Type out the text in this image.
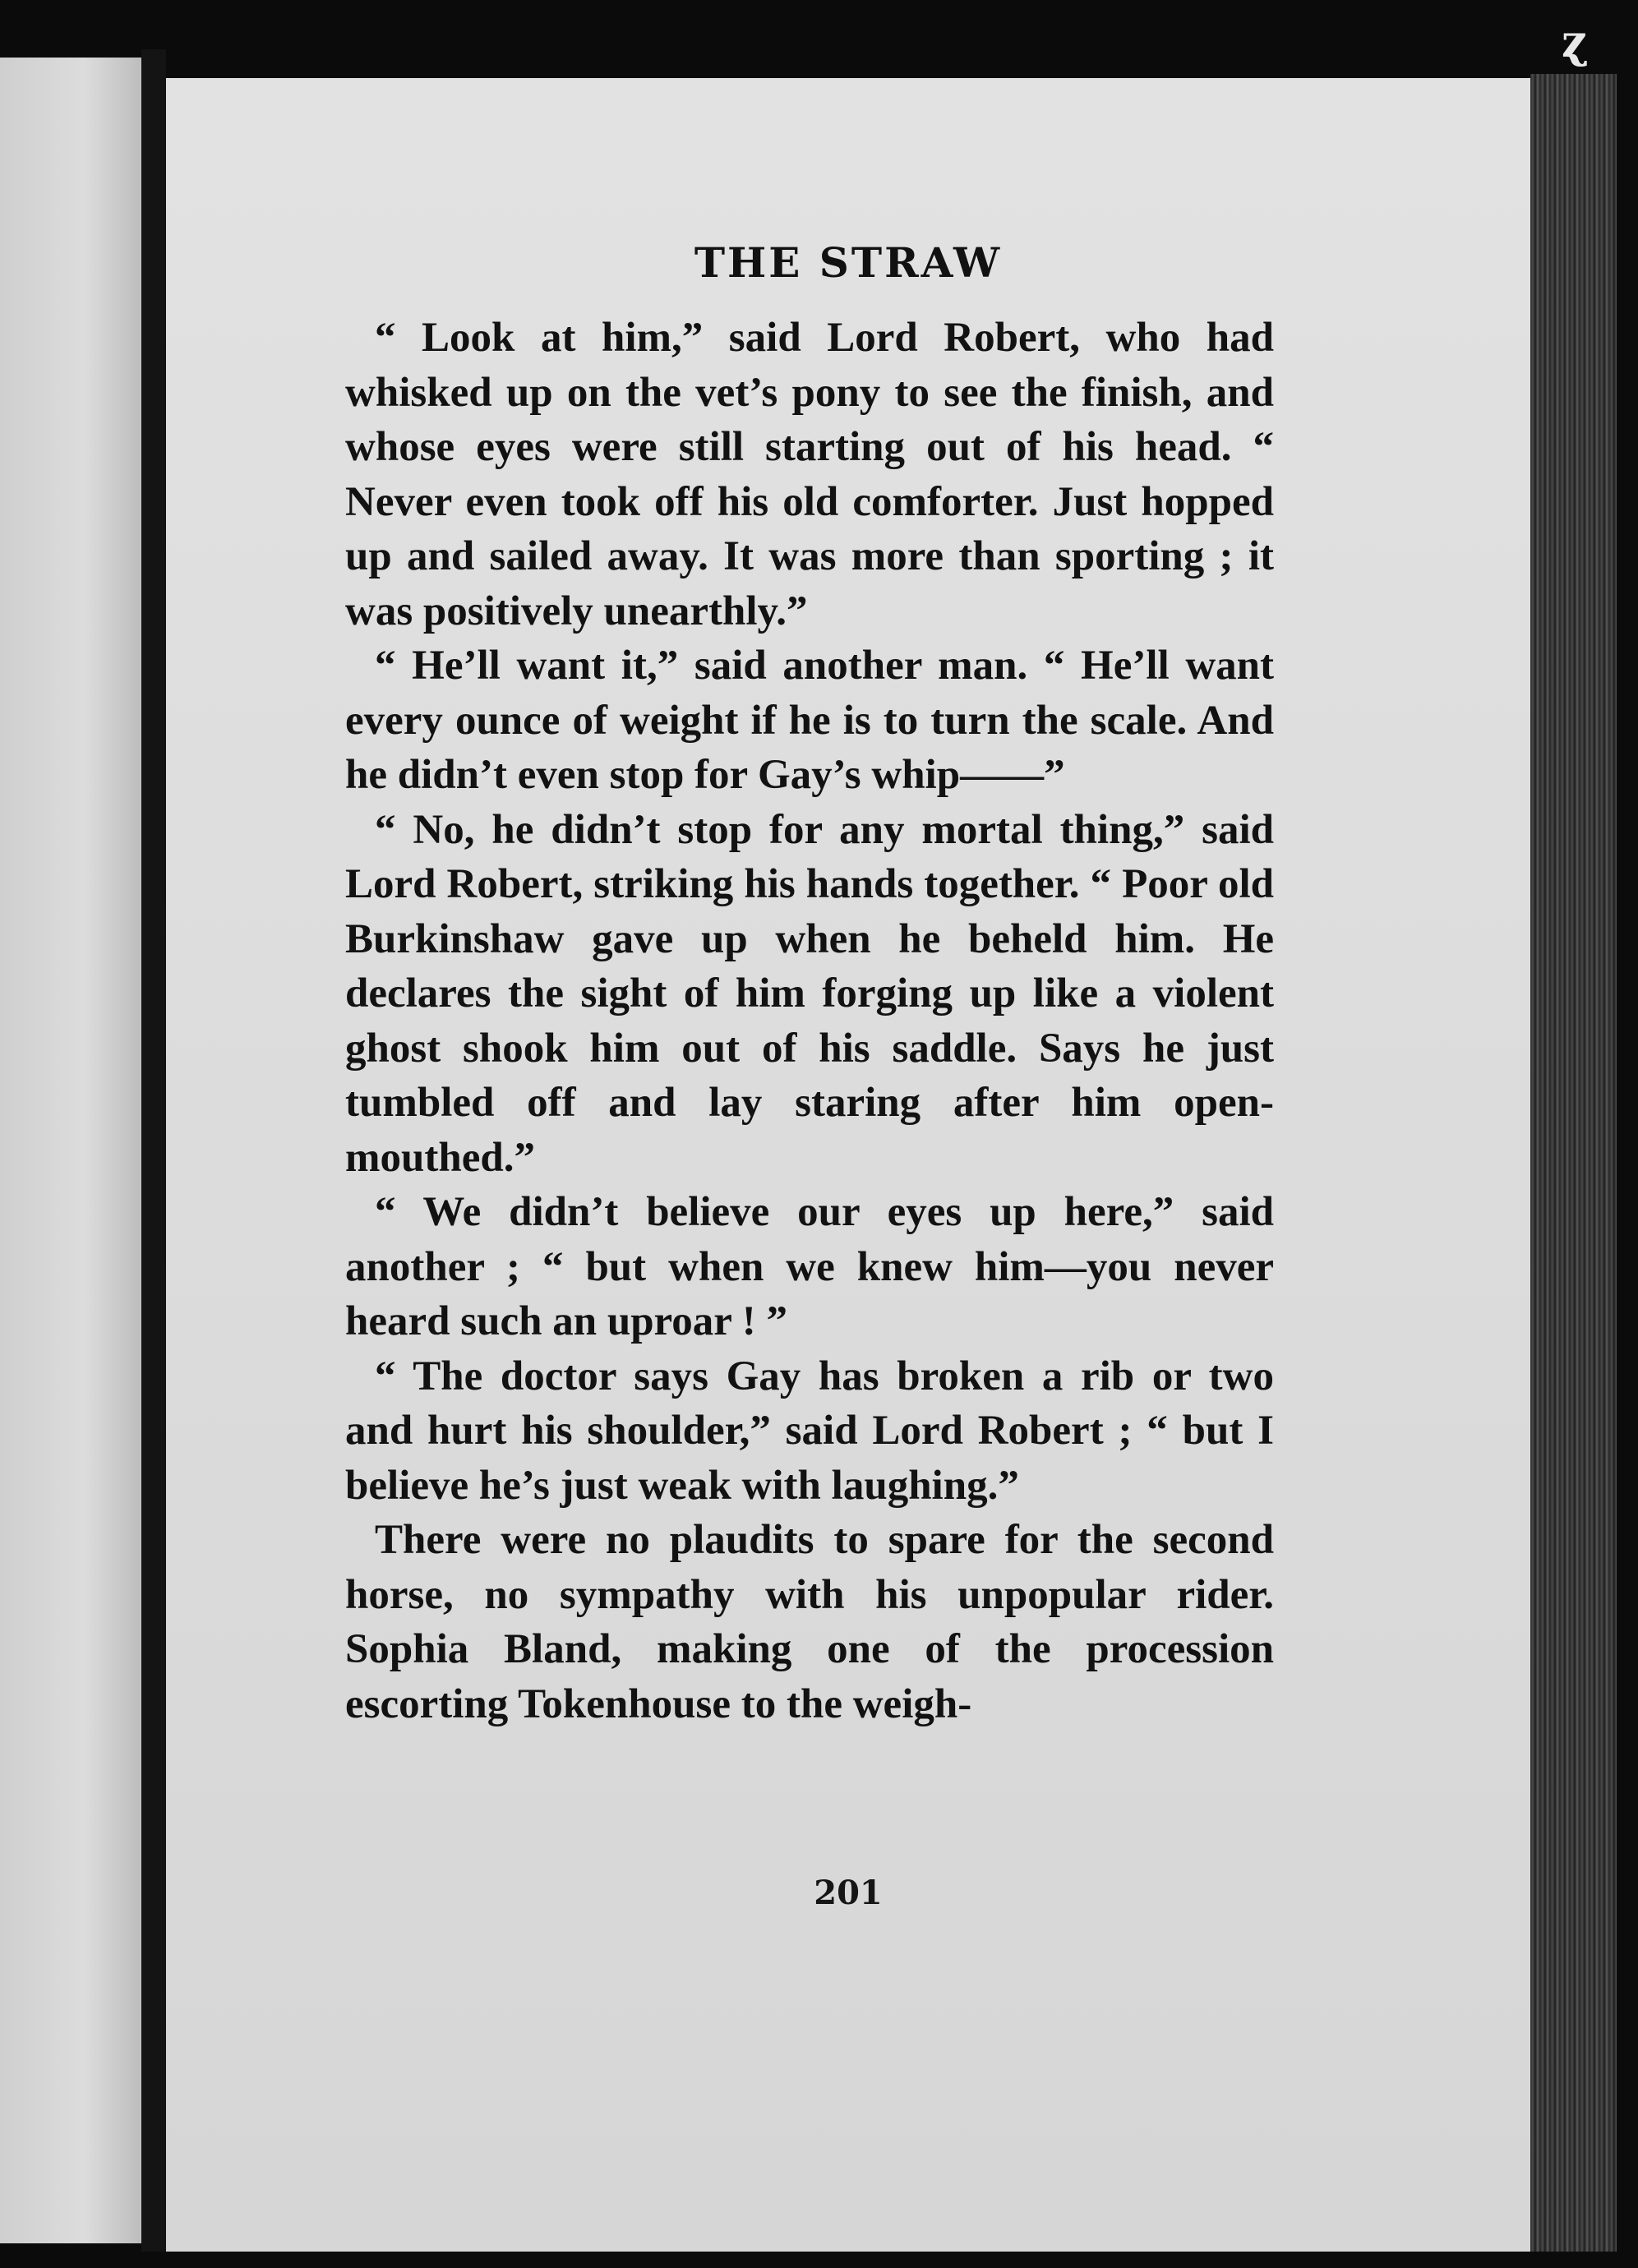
ɀ
THE STRAW

“ Look at him,” said Lord Robert, who had whisked up on the vet’s pony to see the finish, and whose eyes were still starting out of his head. “ Never even took off his old comforter. Just hopped up and sailed away. It was more than sporting ; it was positively unearthly.”

“ He’ll want it,” said another man. “ He’ll want every ounce of weight if he is to turn the scale. And he didn’t even stop for Gay’s whip——”

“ No, he didn’t stop for any mortal thing,” said Lord Robert, striking his hands together. “ Poor old Burkinshaw gave up when he beheld him. He declares the sight of him forging up like a violent ghost shook him out of his saddle. Says he just tumbled off and lay staring after him open-mouthed.”

“ We didn’t believe our eyes up here,” said another ; “ but when we knew him—you never heard such an uproar ! ”

“ The doctor says Gay has broken a rib or two and hurt his shoulder,” said Lord Robert ; “ but I believe he’s just weak with laughing.”

There were no plaudits to spare for the second horse, no sympathy with his unpopular rider. Sophia Bland, making one of the procession escorting Tokenhouse to the weigh-

201
